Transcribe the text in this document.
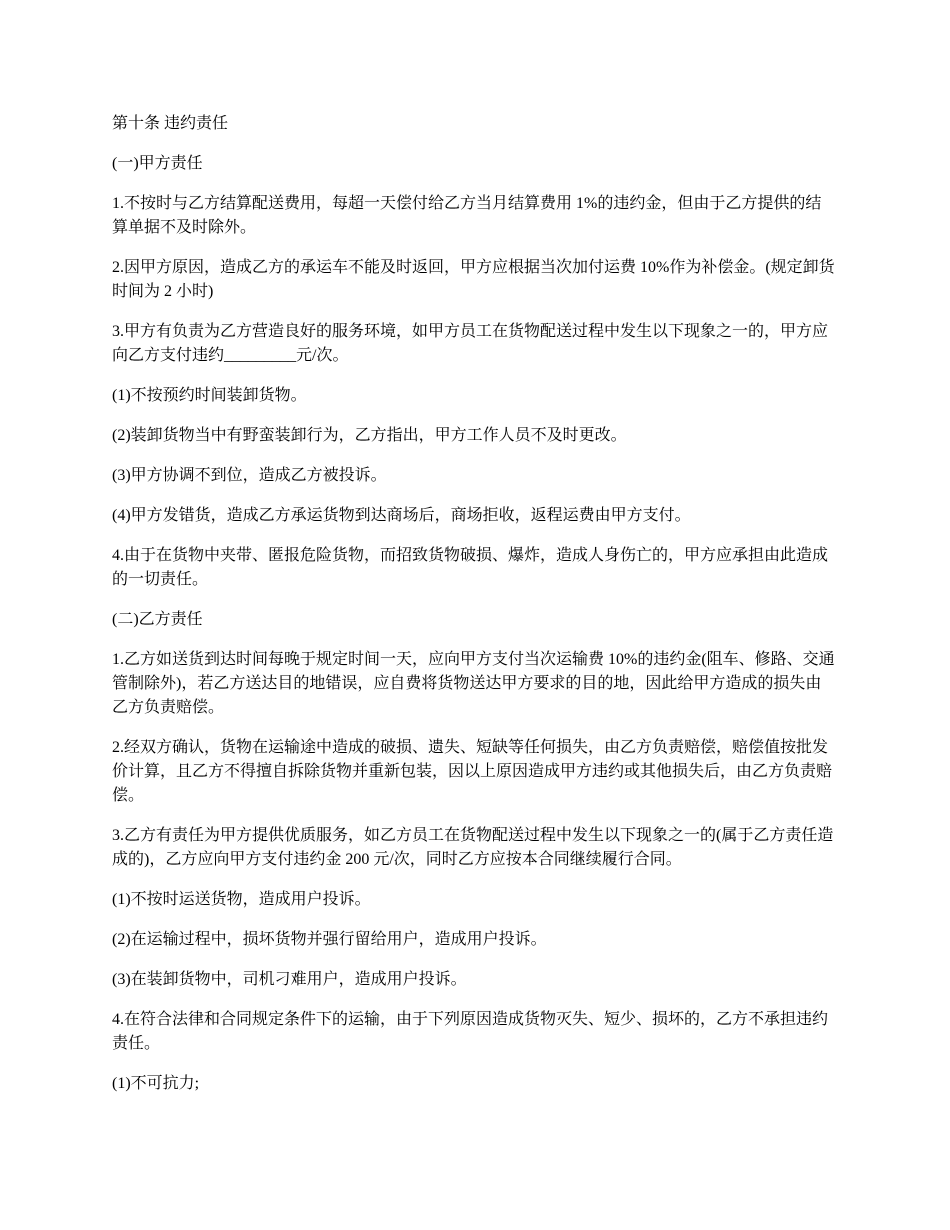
第十条 违约责任

(一)甲方责任

1.不按时与乙方结算配送费用，每超一天偿付给乙方当月结算费用 1%的违约金，但由于乙方提供的结算单据不及时除外。

2.因甲方原因，造成乙方的承运车不能及时返回，甲方应根据当次加付运费 10%作为补偿金。(规定卸货时间为 2 小时)

3.甲方有负责为乙方营造良好的服务环境，如甲方员工在货物配送过程中发生以下现象之一的，甲方应向乙方支付违约_________元/次。

(1)不按预约时间装卸货物。

(2)装卸货物当中有野蛮装卸行为，乙方指出，甲方工作人员不及时更改。

(3)甲方协调不到位，造成乙方被投诉。

(4)甲方发错货，造成乙方承运货物到达商场后，商场拒收，返程运费由甲方支付。

4.由于在货物中夹带、匿报危险货物，而招致货物破损、爆炸，造成人身伤亡的，甲方应承担由此造成的一切责任。

(二)乙方责任

1.乙方如送货到达时间每晚于规定时间一天，应向甲方支付当次运输费 10%的违约金(阻车、修路、交通管制除外)，若乙方送达目的地错误，应自费将货物送达甲方要求的目的地，因此给甲方造成的损失由乙方负责赔偿。

2.经双方确认，货物在运输途中造成的破损、遗失、短缺等任何损失，由乙方负责赔偿，赔偿值按批发价计算，且乙方不得擅自拆除货物并重新包装，因以上原因造成甲方违约或其他损失后，由乙方负责赔偿。

3.乙方有责任为甲方提供优质服务，如乙方员工在货物配送过程中发生以下现象之一的(属于乙方责任造成的)，乙方应向甲方支付违约金 200 元/次，同时乙方应按本合同继续履行合同。

(1)不按时运送货物，造成用户投诉。

(2)在运输过程中，损坏货物并强行留给用户，造成用户投诉。

(3)在装卸货物中，司机刁难用户，造成用户投诉。

4.在符合法律和合同规定条件下的运输，由于下列原因造成货物灭失、短少、损坏的，乙方不承担违约责任。

(1)不可抗力;
